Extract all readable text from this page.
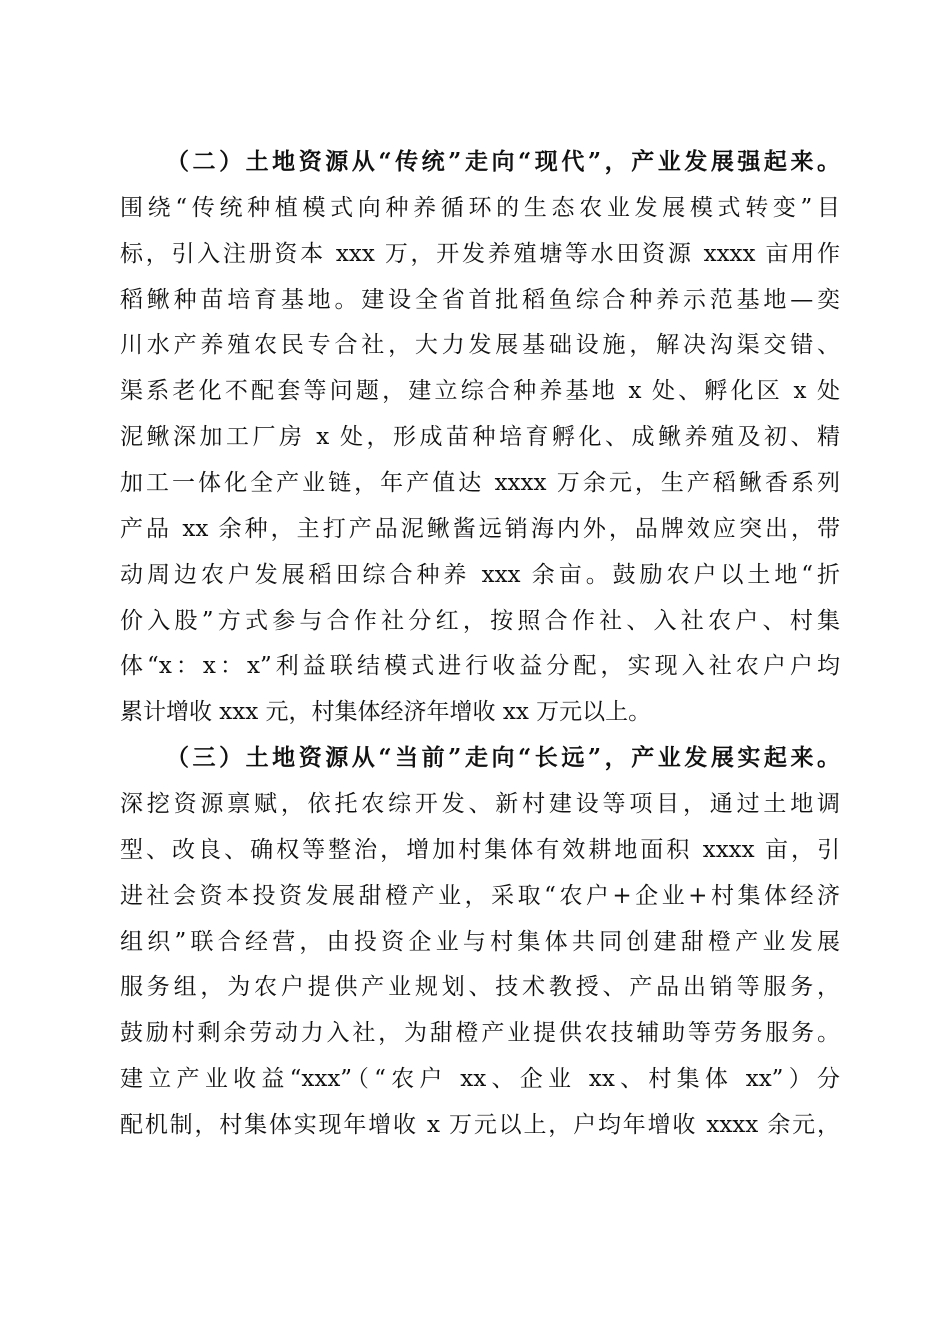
（二）土地资源从“传统”走向“现代”，产业发展强起来。
围绕“传统种植模式向种养循环的生态农业发展模式转变”目
标，引入注册资本 xxx 万，开发养殖塘等水田资源 xxxx 亩用作
稻鳅种苗培育基地。建设全省首批稻鱼综合种养示范基地—奕
川水产养殖农民专合社，大力发展基础设施，解决沟渠交错、
渠系老化不配套等问题，建立综合种养基地 x 处、孵化区 x 处
泥鳅深加工厂房 x 处，形成苗种培育孵化、成鳅养殖及初、精
加工一体化全产业链，年产值达 xxxx 万余元，生产稻鳅香系列
产品 xx 余种，主打产品泥鳅酱远销海内外，品牌效应突出，带
动周边农户发展稻田综合种养 xxx 余亩。鼓励农户以土地“折
价入股”方式参与合作社分红，按照合作社、入社农户、村集
体“x：x：x”利益联结模式进行收益分配，实现入社农户户均
累计增收 xxx 元，村集体经济年增收 xx 万元以上。
（三）土地资源从“当前”走向“长远”，产业发展实起来。
深挖资源禀赋，依托农综开发、新村建设等项目，通过土地调
型、改良、确权等整治，增加村集体有效耕地面积 xxxx 亩，引
进社会资本投资发展甜橙产业，采取“农户+企业+村集体经济
组织”联合经营，由投资企业与村集体共同创建甜橙产业发展
服务组，为农户提供产业规划、技术教授、产品出销等服务，
鼓励村剩余劳动力入社，为甜橙产业提供农技辅助等劳务服务。
建立产业收益“xxx”（“农户 xx、企业 xx、村集体 xx”）分
配机制，村集体实现年增收 x 万元以上，户均年增收 xxxx 余元，
